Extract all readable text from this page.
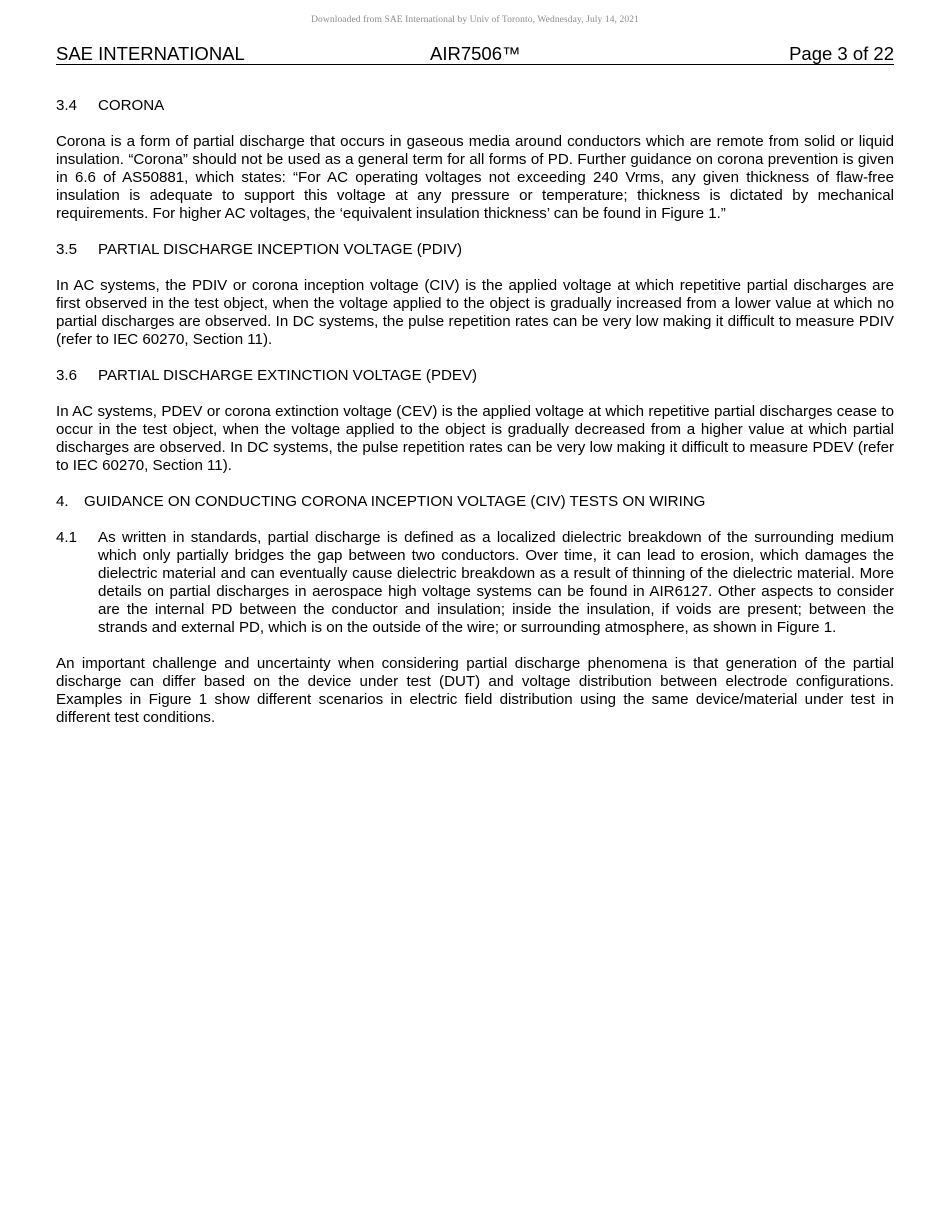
Downloaded from SAE International by Univ of Toronto, Wednesday, July 14, 2021
SAE INTERNATIONAL	AIR7506™	Page 3 of 22
3.4 CORONA

Corona is a form of partial discharge that occurs in gaseous media around conductors which are remote from solid or liquid insulation. “Corona” should not be used as a general term for all forms of PD. Further guidance on corona prevention is given in 6.6 of AS50881, which states: “For AC operating voltages not exceeding 240 Vrms, any given thickness of flaw-free insulation is adequate to support this voltage at any pressure or temperature; thickness is dictated by mechanical requirements. For higher AC voltages, the ‘equivalent insulation thickness’ can be found in Figure 1.”

3.5 PARTIAL DISCHARGE INCEPTION VOLTAGE (PDIV)

In AC systems, the PDIV or corona inception voltage (CIV) is the applied voltage at which repetitive partial discharges are first observed in the test object, when the voltage applied to the object is gradually increased from a lower value at which no partial discharges are observed. In DC systems, the pulse repetition rates can be very low making it difficult to measure PDIV (refer to IEC 60270, Section 11).

3.6 PARTIAL DISCHARGE EXTINCTION VOLTAGE (PDEV)

In AC systems, PDEV or corona extinction voltage (CEV) is the applied voltage at which repetitive partial discharges cease to occur in the test object, when the voltage applied to the object is gradually decreased from a higher value at which partial discharges are observed. In DC systems, the pulse repetition rates can be very low making it difficult to measure PDEV (refer to IEC 60270, Section 11).

4. GUIDANCE ON CONDUCTING CORONA INCEPTION VOLTAGE (CIV) TESTS ON WIRING
4.1 As written in standards, partial discharge is defined as a localized dielectric breakdown of the surrounding medium which only partially bridges the gap between two conductors. Over time, it can lead to erosion, which damages the dielectric material and can eventually cause dielectric breakdown as a result of thinning of the dielectric material. More details on partial discharges in aerospace high voltage systems can be found in AIR6127. Other aspects to consider are the internal PD between the conductor and insulation; inside the insulation, if voids are present; between the strands and external PD, which is on the outside of the wire; or surrounding atmosphere, as shown in Figure 1.

An important challenge and uncertainty when considering partial discharge phenomena is that generation of the partial discharge can differ based on the device under test (DUT) and voltage distribution between electrode configurations. Examples in Figure 1 show different scenarios in electric field distribution using the same device/material under test in different test conditions.
